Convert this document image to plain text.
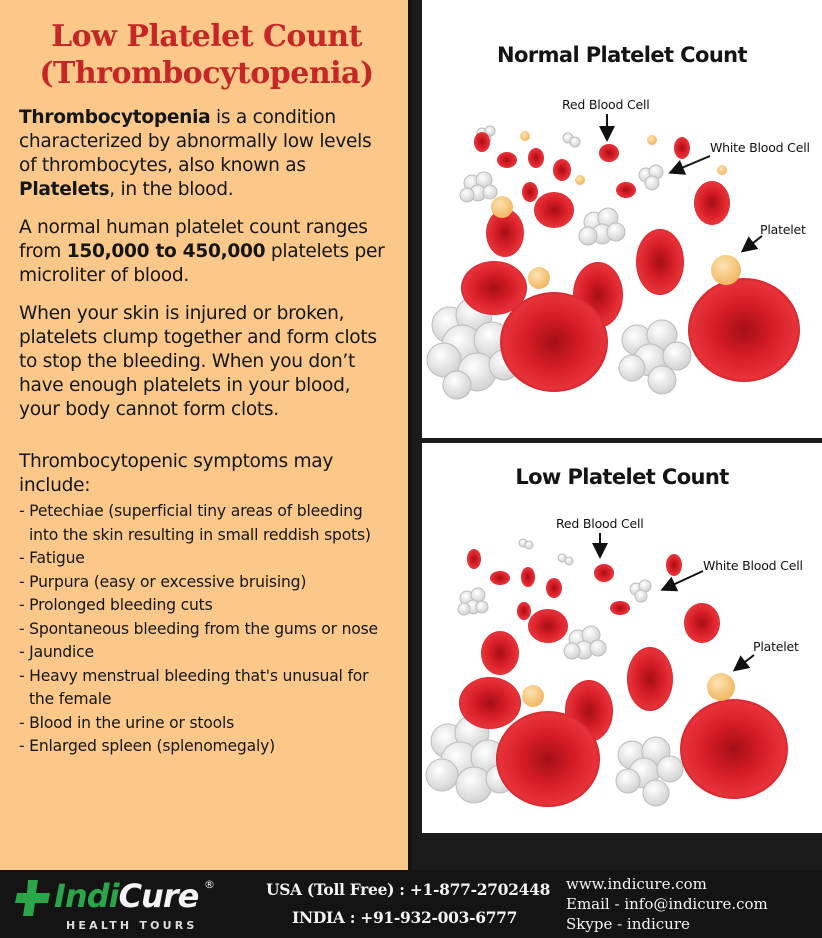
Low Platelet Count
(Thrombocytopenia)

Thrombocytopenia is a condition characterized by abnormally low levels of thrombocytes, also known as Platelets, in the blood.

A normal human platelet count ranges from 150,000 to 450,000 platelets per microliter of blood.

When your skin is injured or broken, platelets clump together and form clots to stop the bleeding. When you don’t have enough platelets in your blood, your body cannot form clots.

Thrombocytopenic symptoms may include:

- Petechiae (superficial tiny areas of bleeding into the skin resulting in small reddish spots)
- Fatigue
- Purpura (easy or excessive bruising)
- Prolonged bleeding cuts
- Spontaneous bleeding from the gums or nose
- Jaundice
- Heavy menstrual bleeding that's unusual for the female
- Blood in the urine or stools
- Enlarged spleen (splenomegaly)
Normal Platelet Count
Red Blood Cell
White Blood Cell
Platelet
Low Platelet Count
Red Blood Cell
White Blood Cell
Platelet
IndiCure ®
HEALTH TOURS
USA (Toll Free) : +1-877-2702448
INDIA : +91-932-003-6777
www.indicure.com
Email - info@indicure.com
Skype - indicure
